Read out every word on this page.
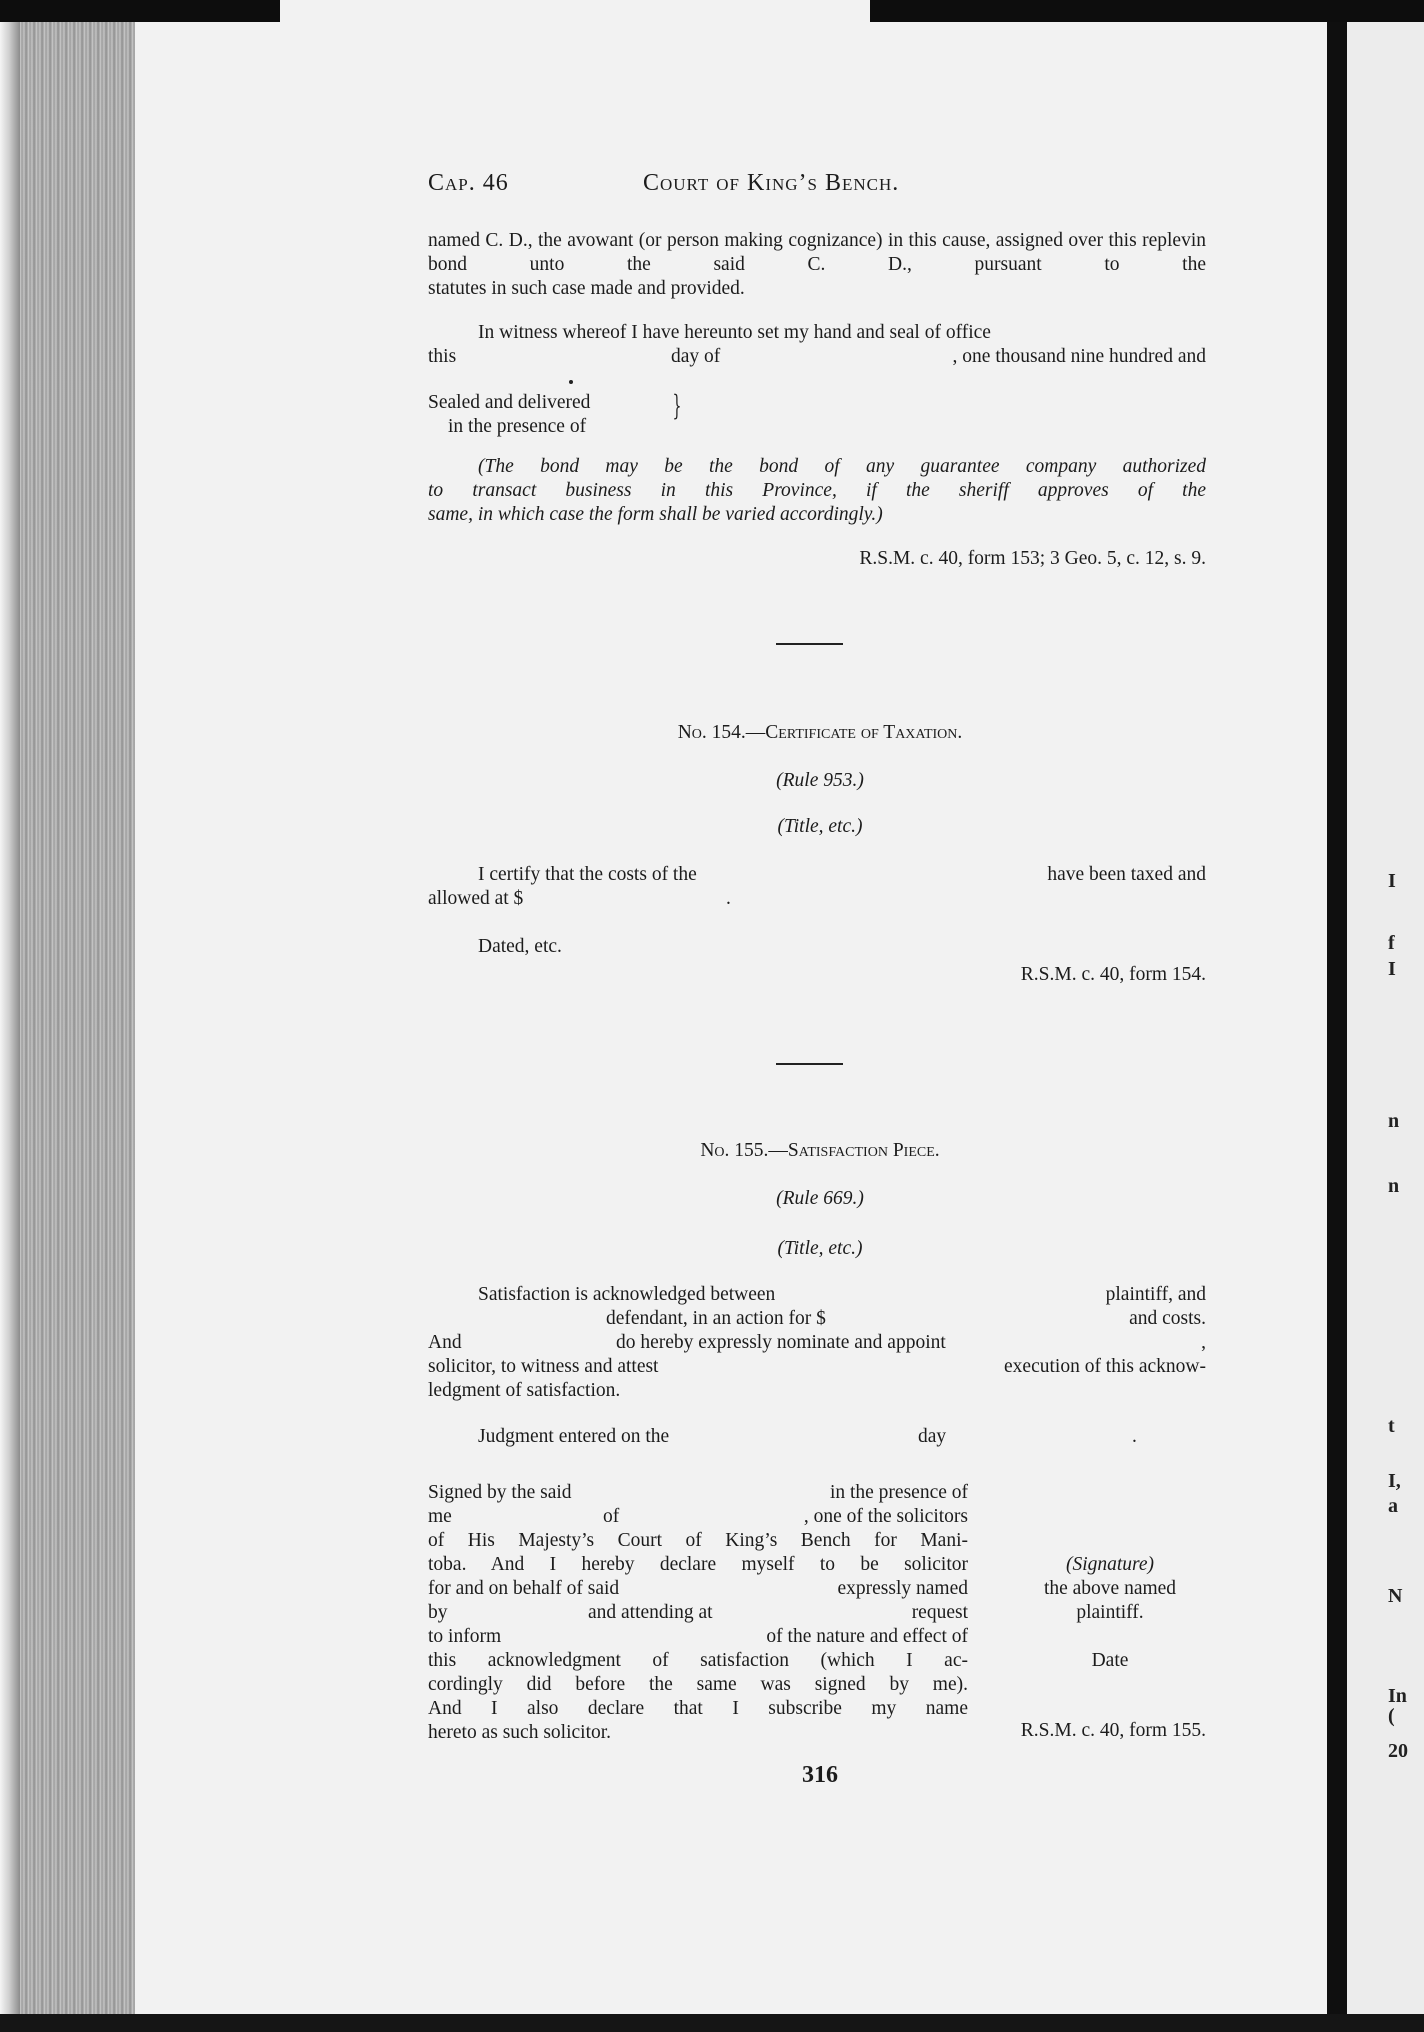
Cap. 46	Court of King’s Bench.

named C. D., the avowant (or person making cognizance) in this cause, assigned over this replevin bond unto the said C. D., pursuant to the

statutes in such case made and provided.

In witness whereof I have hereunto set my hand and seal of office

this	day of	, one thousand nine hundred and

Sealed and delivered

in the presence of

}

(The bond may be the bond of any guarantee company authorized

to transact business in this Province, if the sheriff approves of the

same, in which case the form shall be varied accordingly.)

R.S.M. c. 40, form 153; 3 Geo. 5, c. 12, s. 9.

No. 154.—Certificate of Taxation.

(Rule 953.)

(Title, etc.)

I certify that the costs of the	have been taxed and
allowed at $	.

Dated, etc.

R.S.M. c. 40, form 154.

No. 155.—Satisfaction Piece.

(Rule 669.)

(Title, etc.)

Satisfaction is acknowledged between	plaintiff, and
defendant, in an action for $	and costs.
And	do hereby expressly nominate and appoint	,
solicitor, to witness and attest	execution of this acknow-

ledgment of satisfaction.

Judgment entered on the	day	.
Signed by the said	in the presence of
me	of	, one of the solicitors
of His Majesty’s Court of King’s Bench for Mani-
toba. And I hereby declare myself to be solicitor
for and on behalf of said	expressly named
by	and attending at	request
to inform	of the nature and effect of
this acknowledgment of satisfaction (which I ac-
cordingly did before the same was signed by me).
And I also declare that I subscribe my name
hereto as such solicitor.
(Signature)
the above named
plaintiff.
Date

R.S.M. c. 40, form 155.

316
I
f
I
n
n
t
I,
a
N
In
(
20
